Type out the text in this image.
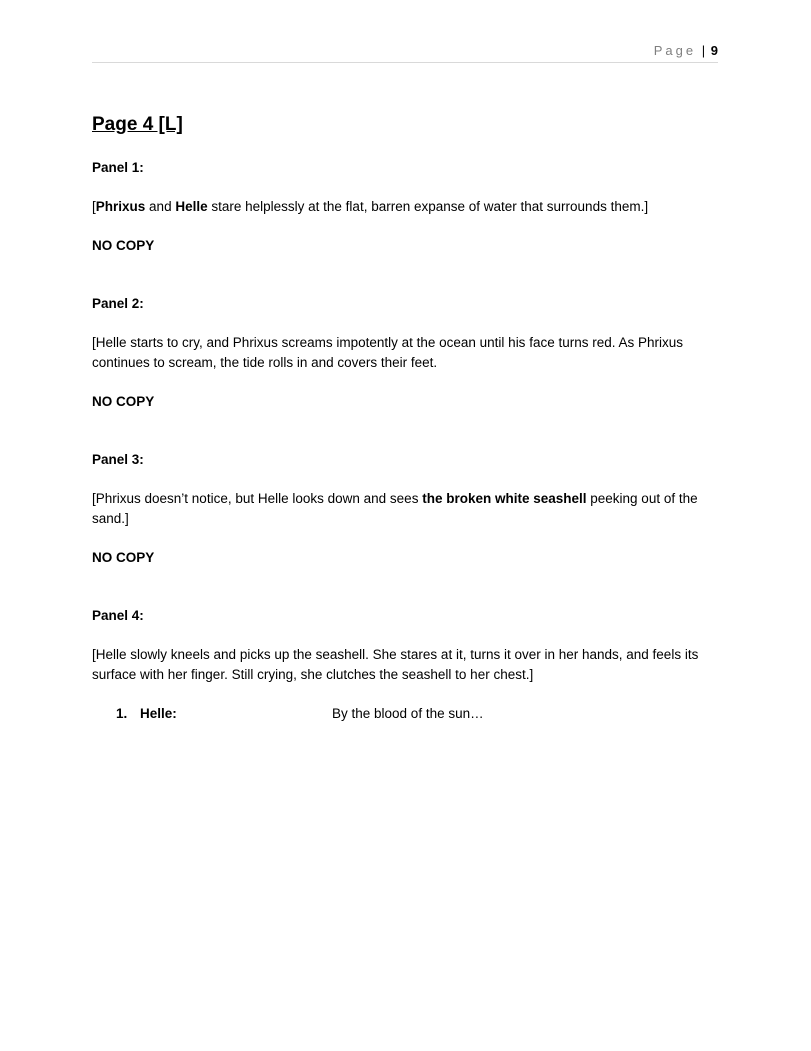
Page | 9
Page 4 [L]
Panel 1:
[Phrixus and Helle stare helplessly at the flat, barren expanse of water that surrounds them.]
NO COPY
Panel 2:
[Helle starts to cry, and Phrixus screams impotently at the ocean until his face turns red. As Phrixus continues to scream, the tide rolls in and covers their feet.
NO COPY
Panel 3:
[Phrixus doesn’t notice, but Helle looks down and sees the broken white seashell peeking out of the sand.]
NO COPY
Panel 4:
[Helle slowly kneels and picks up the seashell. She stares at it, turns it over in her hands, and feels its surface with her finger. Still crying, she clutches the seashell to her chest.]
1. Helle:	By the blood of the sun…
